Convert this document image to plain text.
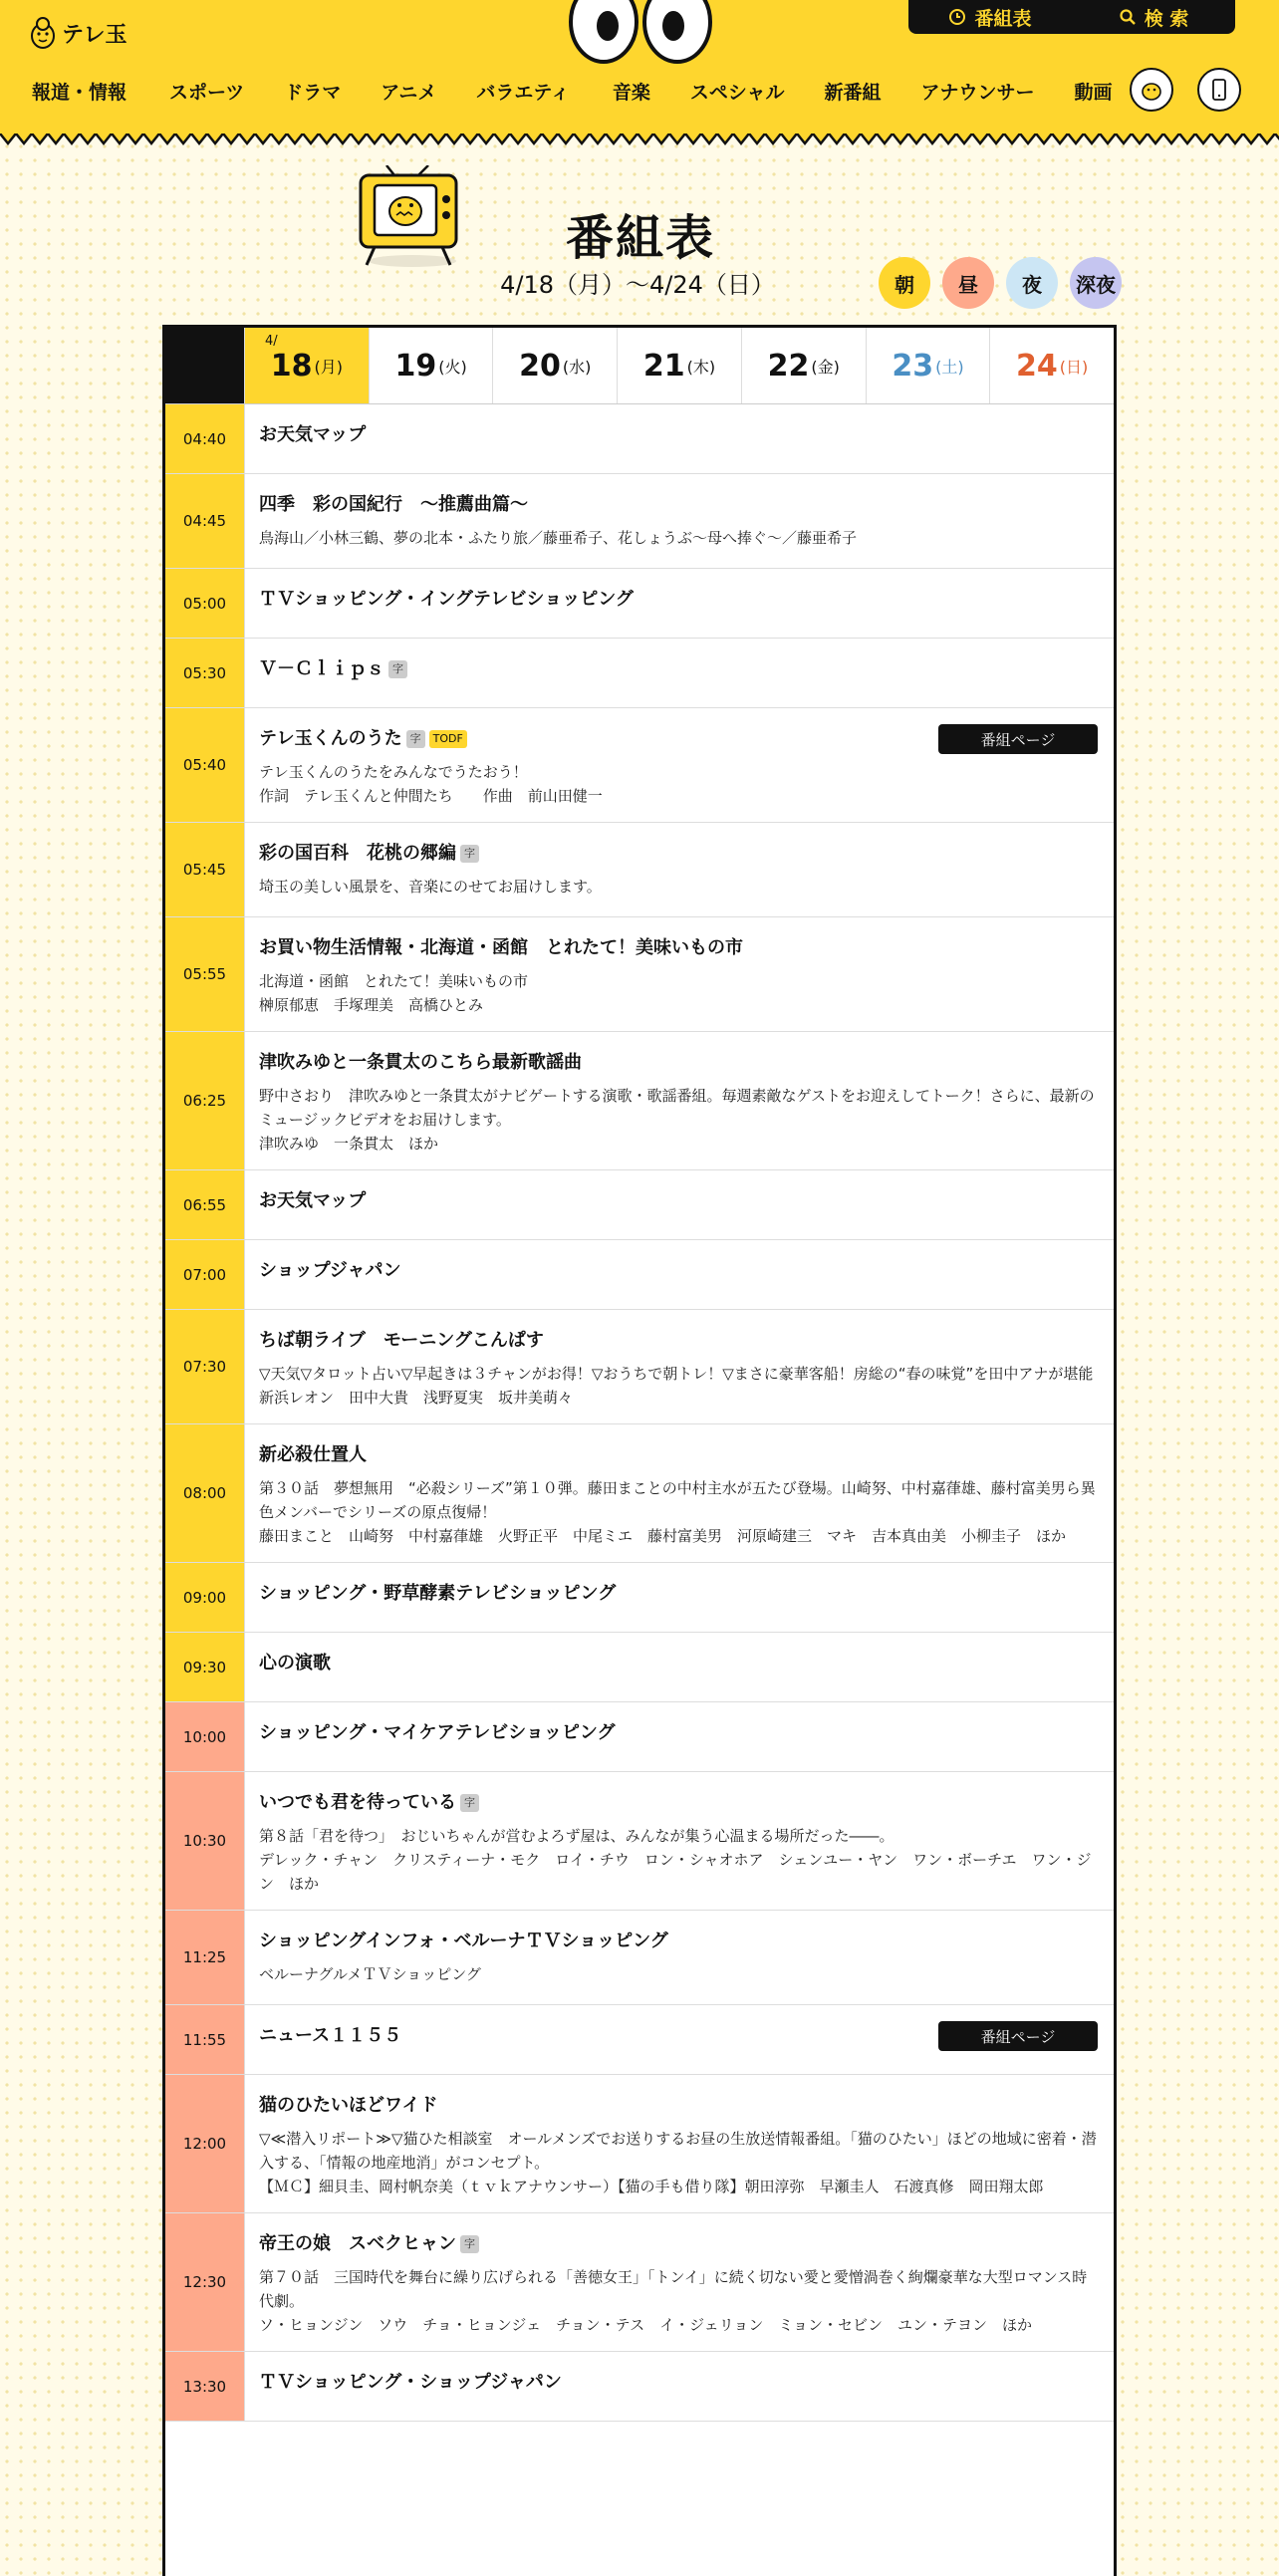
テレ玉
番組表	検 索
報道・情報 スポーツ ドラマ アニメ バラエティ 音楽 スペシャル 新番組 アナウンサー 動画
番組表
4/18（月）〜4/24（日）	朝	昼	夜	深夜
4/
18 (月) 19 (火) 20 (水) 21 (木) 22 (金) 23 (土) 24 (日)
04:40	お天気マップ
04:45
四季　彩の国紀行　～推薦曲篇～
鳥海山／小林三鶴、夢の北本・ふたり旅／藤亜希子、花しょうぶ～母へ捧ぐ～／藤亜希子
05:00	ＴＶショッピング・イングテレビショッピング
05:30	Ｖ－Ｃｌｉｐｓ 字
05:40
テレ玉くんのうた 字	TODF
テレ玉くんのうたをみんなでうたおう！
作詞　テレ玉くんと仲間たち　　作曲　前山田健一
番組ページ
05:45
彩の国百科　花桃の郷編 字
埼玉の美しい風景を、音楽にのせてお届けします。
05:55
お買い物生活情報・北海道・函館　とれたて！美味いもの市
北海道・函館　とれたて！美味いもの市
榊原郁恵　手塚理美　高橋ひとみ
06:25
津吹みゆと一条貫太のこちら最新歌謡曲
野中さおり　津吹みゆと一条貫太がナビゲートする演歌・歌謡番組。毎週素敵なゲストをお迎えしてトーク！さらに、最新のミュージックビデオをお届けします。
津吹みゆ　一条貫太　ほか
06:55	お天気マップ
07:00	ショップジャパン
07:30
ちば朝ライブ　モーニングこんぱす
▽天気▽タロット占い▽早起きは３チャンがお得！▽おうちで朝トレ！▽まさに豪華客船！房総の“春の味覚”を田中アナが堪能
新浜レオン　田中大貴　浅野夏実　坂井美萌々
08:00
新必殺仕置人
第３０話　夢想無用　“必殺シリーズ”第１０弾。藤田まことの中村主水が五たび登場。山崎努、中村嘉葎雄、藤村富美男ら異色メンバーでシリーズの原点復帰！
藤田まこと　山崎努　中村嘉葎雄　火野正平　中尾ミエ　藤村富美男　河原崎建三　マキ　吉本真由美　小柳圭子　ほか
09:00	ショッピング・野草酵素テレビショッピング
09:30	心の演歌
10:00	ショッピング・マイケアテレビショッピング
10:30
いつでも君を待っている 字
第８話「君を待つ」　おじいちゃんが営むよろず屋は、みんなが集う心温まる場所だった――。
デレック・チャン　クリスティーナ・モク　ロイ・チウ　ロン・シャオホア　シェンユー・ヤン　ワン・ボーチエ　ワン・ジン　ほか
11:25
ショッピングインフォ・ベルーナＴＶショッピング
ベルーナグルメＴＶショッピング
11:55	ニュース１１５５	番組ページ
12:00
猫のひたいほどワイド
▽≪潜入リポート≫▽猫ひた相談室　オールメンズでお送りするお昼の生放送情報番組。「猫のひたい」ほどの地域に密着・潜入する、「情報の地産地消」がコンセプト。
【ＭＣ】細貝圭、岡村帆奈美（ｔｖｋアナウンサー）【猫の手も借り隊】朝田淳弥　早瀬圭人　石渡真修　岡田翔太郎
12:30
帝王の娘　スベクヒャン 字
第７０話　三国時代を舞台に繰り広げられる「善徳女王」「トンイ」に続く切ない愛と愛憎渦巻く絢爛豪華な大型ロマンス時代劇。
ソ・ヒョンジン　ソウ　チョ・ヒョンジェ　チョン・テス　イ・ジェリョン　ミョン・セビン　ユン・テヨン　ほか
13:30	ＴＶショッピング・ショップジャパン
